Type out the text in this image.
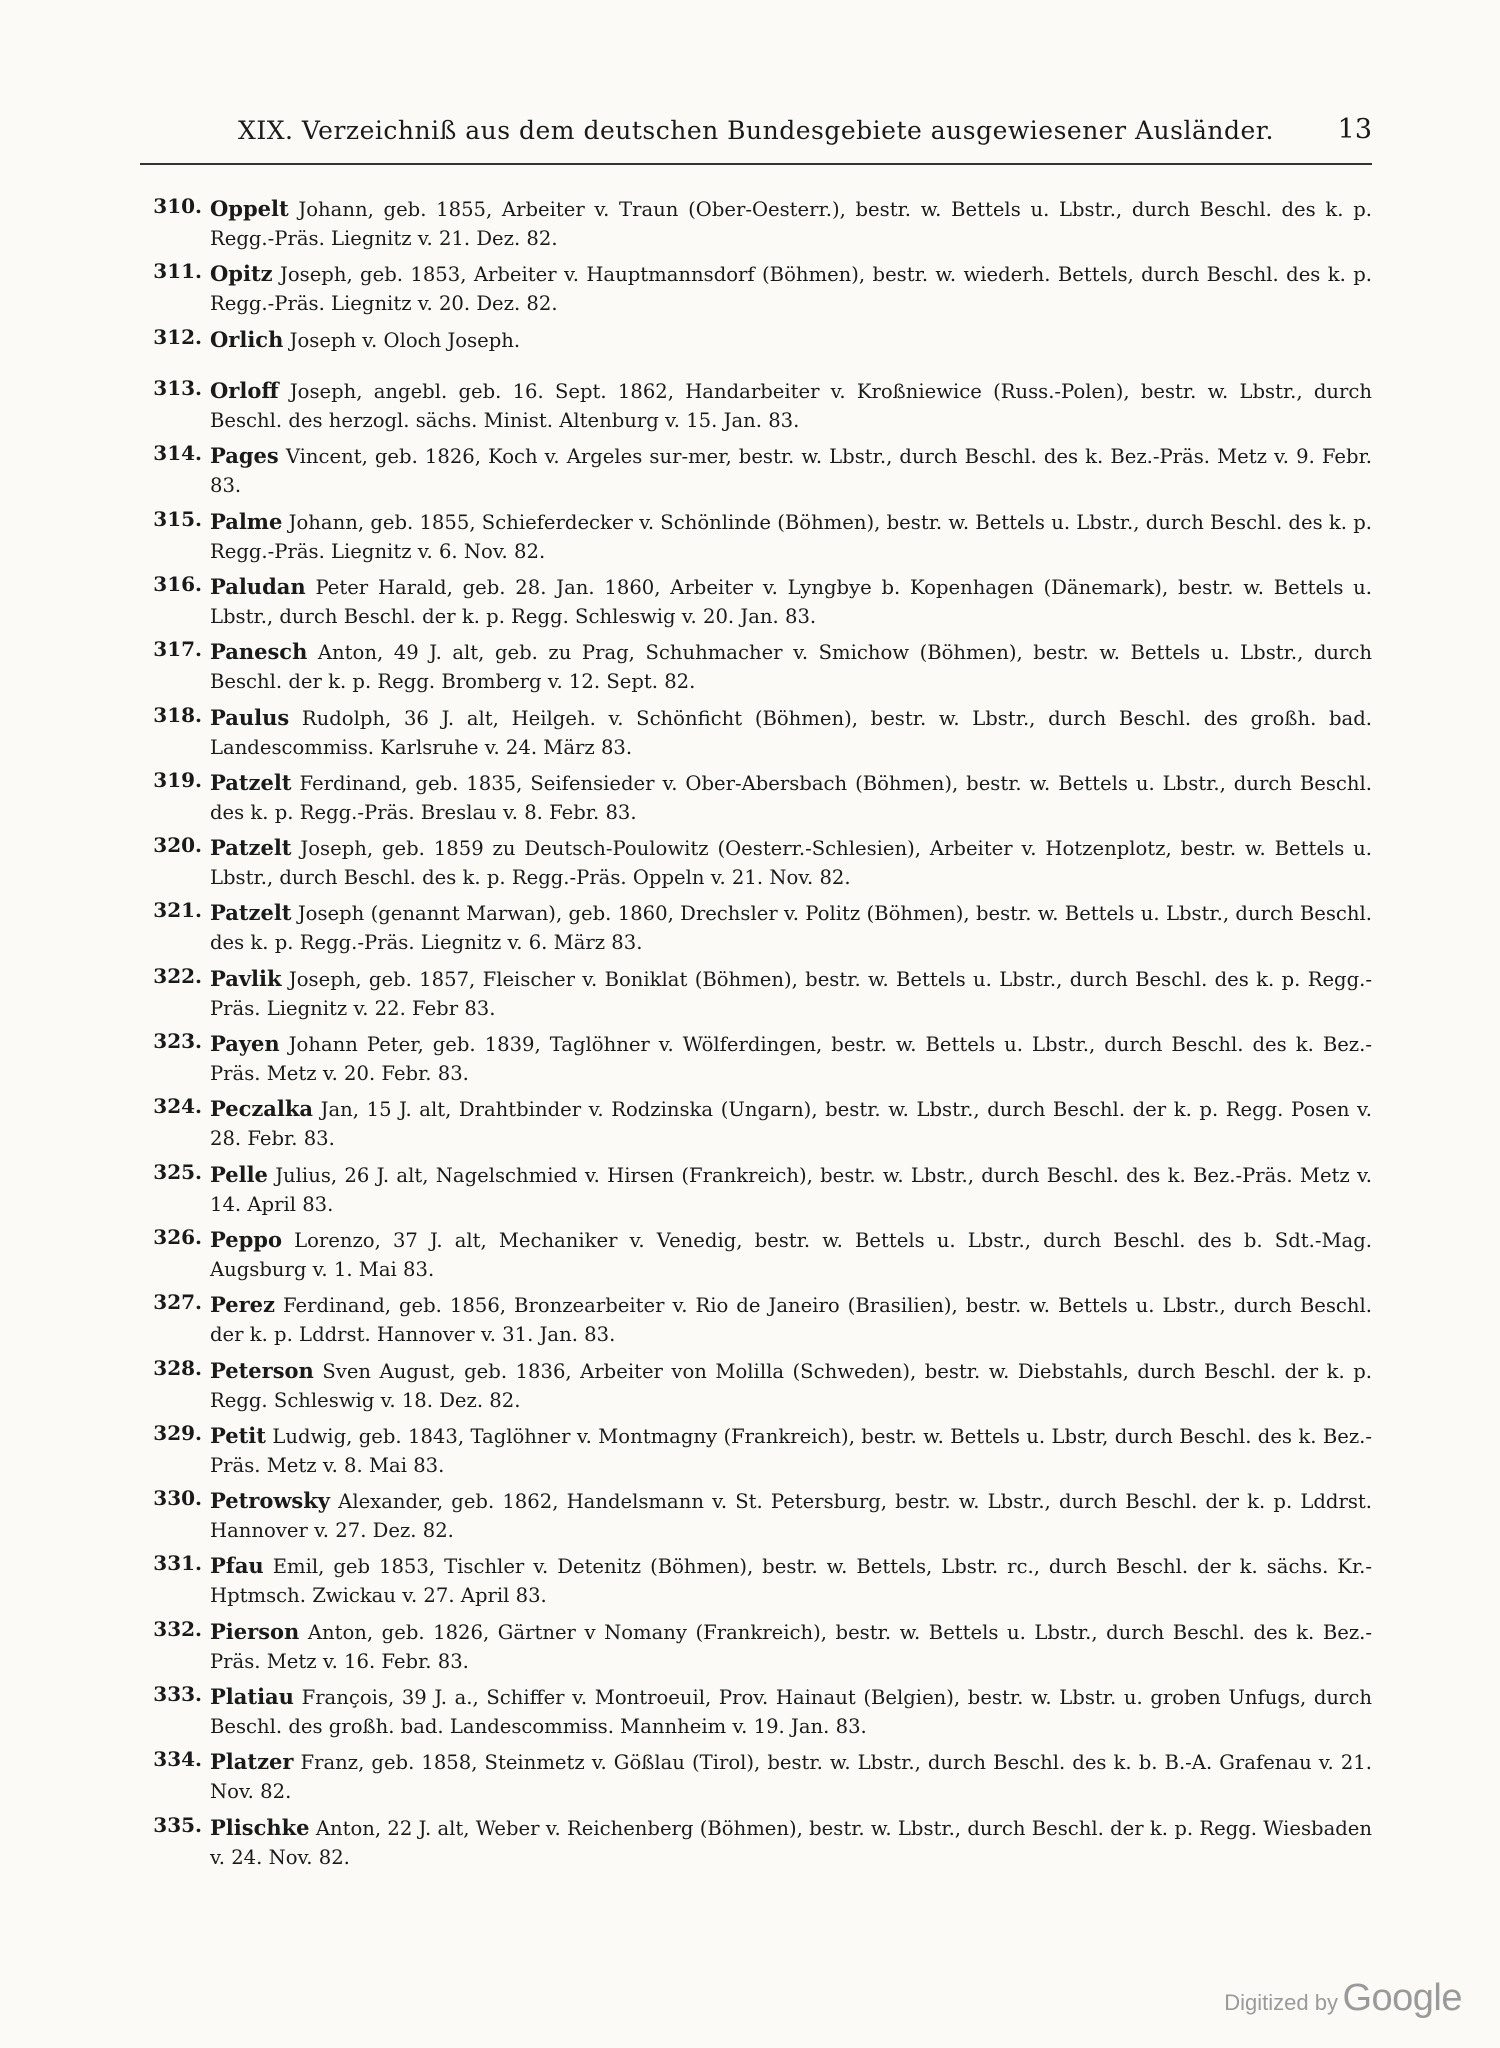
XIX. Verzeichniß aus dem deutschen Bundesgebiete ausgewiesener Ausländer.	13
310. Oppelt Johann, geb. 1855, Arbeiter v. Traun (Ober-Oesterr.), bestr. w. Bettels u. Lbstr., durch Beschl. des k. p. Regg.-Präs. Liegnitz v. 21. Dez. 82.
311. Opitz Joseph, geb. 1853, Arbeiter v. Hauptmannsdorf (Böhmen), bestr. w. wiederh. Bettels, durch Beschl. des k. p. Regg.-Präs. Liegnitz v. 20. Dez. 82.
312. Orlich Joseph v. Oloch Joseph.
313. Orloff Joseph, angebl. geb. 16. Sept. 1862, Handarbeiter v. Kroßniewice (Russ.-Polen), bestr. w. Lbstr., durch Beschl. des herzogl. sächs. Minist. Altenburg v. 15. Jan. 83.
314. Pages Vincent, geb. 1826, Koch v. Argeles sur-mer, bestr. w. Lbstr., durch Beschl. des k. Bez.-Präs. Metz v. 9. Febr. 83.
315. Palme Johann, geb. 1855, Schieferdecker v. Schönlinde (Böhmen), bestr. w. Bettels u. Lbstr., durch Beschl. des k. p. Regg.-Präs. Liegnitz v. 6. Nov. 82.
316. Paludan Peter Harald, geb. 28. Jan. 1860, Arbeiter v. Lyngbye b. Kopenhagen (Dänemark), bestr. w. Bettels u. Lbstr., durch Beschl. der k. p. Regg. Schleswig v. 20. Jan. 83.
317. Panesch Anton, 49 J. alt, geb. zu Prag, Schuhmacher v. Smichow (Böhmen), bestr. w. Bettels u. Lbstr., durch Beschl. der k. p. Regg. Bromberg v. 12. Sept. 82.
318. Paulus Rudolph, 36 J. alt, Heilgeh. v. Schönficht (Böhmen), bestr. w. Lbstr., durch Beschl. des großh. bad. Landescommiss. Karlsruhe v. 24. März 83.
319. Patzelt Ferdinand, geb. 1835, Seifensieder v. Ober-Abersbach (Böhmen), bestr. w. Bettels u. Lbstr., durch Beschl. des k. p. Regg.-Präs. Breslau v. 8. Febr. 83.
320. Patzelt Joseph, geb. 1859 zu Deutsch-Poulowitz (Oesterr.-Schlesien), Arbeiter v. Hotzenplotz, bestr. w. Bettels u. Lbstr., durch Beschl. des k. p. Regg.-Präs. Oppeln v. 21. Nov. 82.
321. Patzelt Joseph (genannt Marwan), geb. 1860, Drechsler v. Politz (Böhmen), bestr. w. Bettels u. Lbstr., durch Beschl. des k. p. Regg.-Präs. Liegnitz v. 6. März 83.
322. Pavlik Joseph, geb. 1857, Fleischer v. Boniklat (Böhmen), bestr. w. Bettels u. Lbstr., durch Beschl. des k. p. Regg.-Präs. Liegnitz v. 22. Febr 83.
323. Payen Johann Peter, geb. 1839, Taglöhner v. Wölferdingen, bestr. w. Bettels u. Lbstr., durch Beschl. des k. Bez.-Präs. Metz v. 20. Febr. 83.
324. Peczalka Jan, 15 J. alt, Drahtbinder v. Rodzinska (Ungarn), bestr. w. Lbstr., durch Beschl. der k. p. Regg. Posen v. 28. Febr. 83.
325. Pelle Julius, 26 J. alt, Nagelschmied v. Hirsen (Frankreich), bestr. w. Lbstr., durch Beschl. des k. Bez.-Präs. Metz v. 14. April 83.
326. Peppo Lorenzo, 37 J. alt, Mechaniker v. Venedig, bestr. w. Bettels u. Lbstr., durch Beschl. des b. Sdt.-Mag. Augsburg v. 1. Mai 83.
327. Perez Ferdinand, geb. 1856, Bronzearbeiter v. Rio de Janeiro (Brasilien), bestr. w. Bettels u. Lbstr., durch Beschl. der k. p. Lddrst. Hannover v. 31. Jan. 83.
328. Peterson Sven August, geb. 1836, Arbeiter von Molilla (Schweden), bestr. w. Diebstahls, durch Beschl. der k. p. Regg. Schleswig v. 18. Dez. 82.
329. Petit Ludwig, geb. 1843, Taglöhner v. Montmagny (Frankreich), bestr. w. Bettels u. Lbstr, durch Beschl. des k. Bez.-Präs. Metz v. 8. Mai 83.
330. Petrowsky Alexander, geb. 1862, Handelsmann v. St. Petersburg, bestr. w. Lbstr., durch Beschl. der k. p. Lddrst. Hannover v. 27. Dez. 82.
331. Pfau Emil, geb 1853, Tischler v. Detenitz (Böhmen), bestr. w. Bettels, Lbstr. rc., durch Beschl. der k. sächs. Kr.-Hptmsch. Zwickau v. 27. April 83.
332. Pierson Anton, geb. 1826, Gärtner v Nomany (Frankreich), bestr. w. Bettels u. Lbstr., durch Beschl. des k. Bez.-Präs. Metz v. 16. Febr. 83.
333. Platiau François, 39 J. a., Schiffer v. Montroeuil, Prov. Hainaut (Belgien), bestr. w. Lbstr. u. groben Unfugs, durch Beschl. des großh. bad. Landescommiss. Mannheim v. 19. Jan. 83.
334. Platzer Franz, geb. 1858, Steinmetz v. Gößlau (Tirol), bestr. w. Lbstr., durch Beschl. des k. b. B.-A. Grafenau v. 21. Nov. 82.
335. Plischke Anton, 22 J. alt, Weber v. Reichenberg (Böhmen), bestr. w. Lbstr., durch Beschl. der k. p. Regg. Wiesbaden v. 24. Nov. 82.
Digitized by Google
